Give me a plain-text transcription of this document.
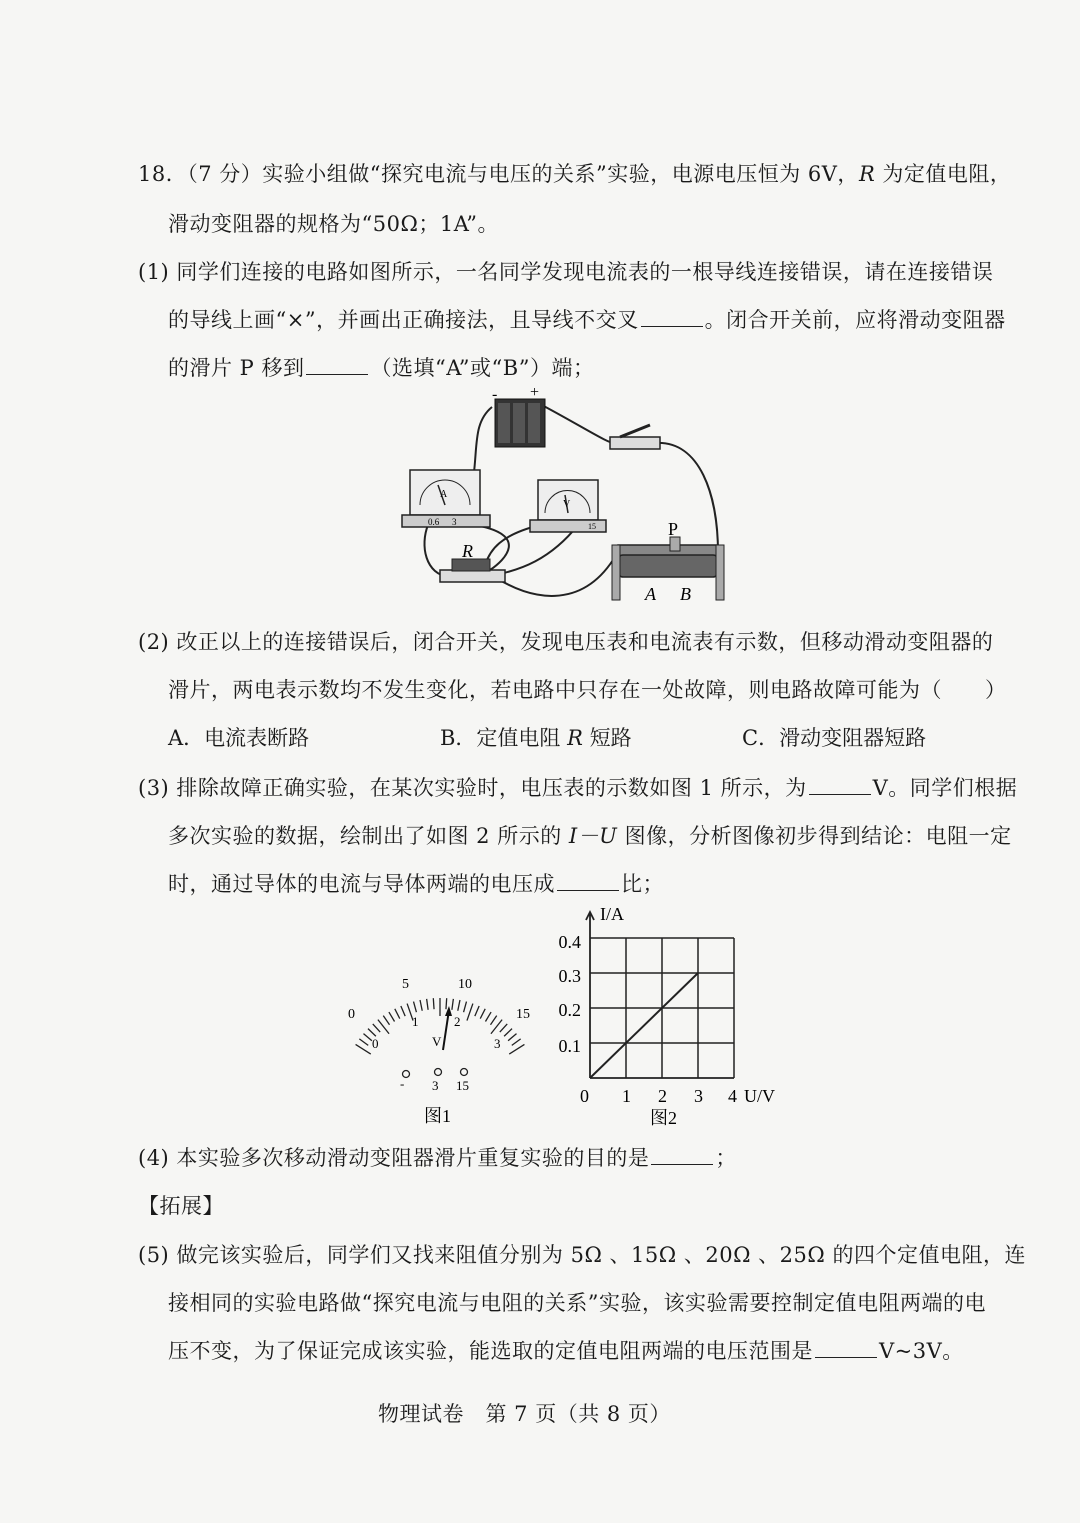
18．（7 分）实验小组做“探究电流与电压的关系”实验，电源电压恒为 6V，R 为定值电阻，
滑动变阻器的规格为“50Ω；1A”。
(1) 同学们连接的电路如图所示，一名同学发现电流表的一根导线连接错误，请在连接错误
的导线上画“×”，并画出正确接法，且导线不交叉	。闭合开关前，应将滑动变阻器
的滑片 P 移到	（选填“A”或“B”）端；
+
-
A
0.6 3
V
15
R
P
A B
(2) 改正以上的连接错误后，闭合开关，发现电压表和电流表有示数，但移动滑动变阻器的
滑片，两电表示数均不发生变化，若电路中只存在一处故障，则电路故障可能为（　　）
A．电流表断路	B．定值电阻 R 短路	C．滑动变阻器短路
(3) 排除故障正确实验，在某次实验时，电压表的示数如图 1 所示，为	V。同学们根据
多次实验的数据，绘制出了如图 2 所示的 I－U 图像，分析图像初步得到结论：电阻一定
时，通过导体的电流与导体两端的电压成	比；
0
5	10
15
0
1	2
3
V
- 3 15
图1
I/A
U/V
0.1
0.2
0.3
0.4
0 1 2 3 4
图2
(4) 本实验多次移动滑动变阻器滑片重复实验的目的是	；
【拓展】
(5) 做完该实验后，同学们又找来阻值分别为 5Ω 、15Ω 、20Ω 、25Ω 的四个定值电阻，连
接相同的实验电路做“探究电流与电阻的关系”实验，该实验需要控制定值电阻两端的电
压不变，为了保证完成该实验，能选取的定值电阻两端的电压范围是	V~3V。
物理试卷　第 7 页（共 8 页）
